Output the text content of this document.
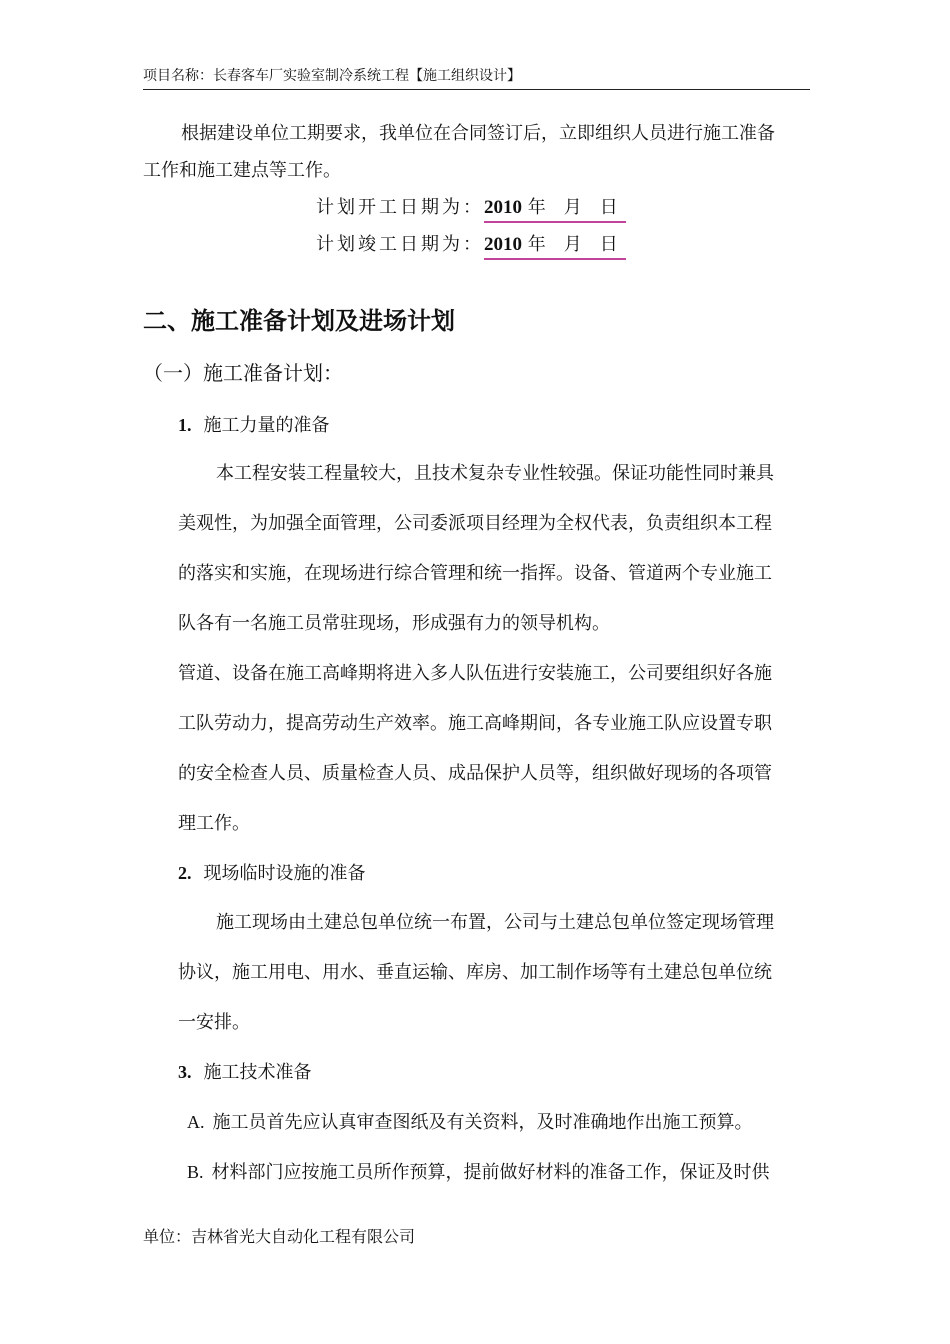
项目名称：长春客车厂实验室制冷系统工程【施工组织设计】
根据建设单位工期要求，我单位在合同签订后，立即组织人员进行施工准备
工作和施工建点等工作。
计划开工日期为：2010 年 月 日
计划竣工日期为：2010 年 月 日
二、施工准备计划及进场计划
（一）施工准备计划：
1. 施工力量的准备
本工程安装工程量较大，且技术复杂专业性较强。保证功能性同时兼具
美观性，为加强全面管理，公司委派项目经理为全权代表，负责组织本工程
的落实和实施，在现场进行综合管理和统一指挥。设备、管道两个专业施工
队各有一名施工员常驻现场，形成强有力的领导机构。
管道、设备在施工高峰期将进入多人队伍进行安装施工，公司要组织好各施
工队劳动力，提高劳动生产效率。施工高峰期间，各专业施工队应设置专职
的安全检查人员、质量检查人员、成品保护人员等，组织做好现场的各项管
理工作。
2. 现场临时设施的准备
施工现场由土建总包单位统一布置，公司与土建总包单位签定现场管理
协议，施工用电、用水、垂直运输、库房、加工制作场等有土建总包单位统
一安排。
3. 施工技术准备
A. 施工员首先应认真审查图纸及有关资料，及时准确地作出施工预算。
B. 材料部门应按施工员所作预算，提前做好材料的准备工作，保证及时供
单位：吉林省光大自动化工程有限公司
